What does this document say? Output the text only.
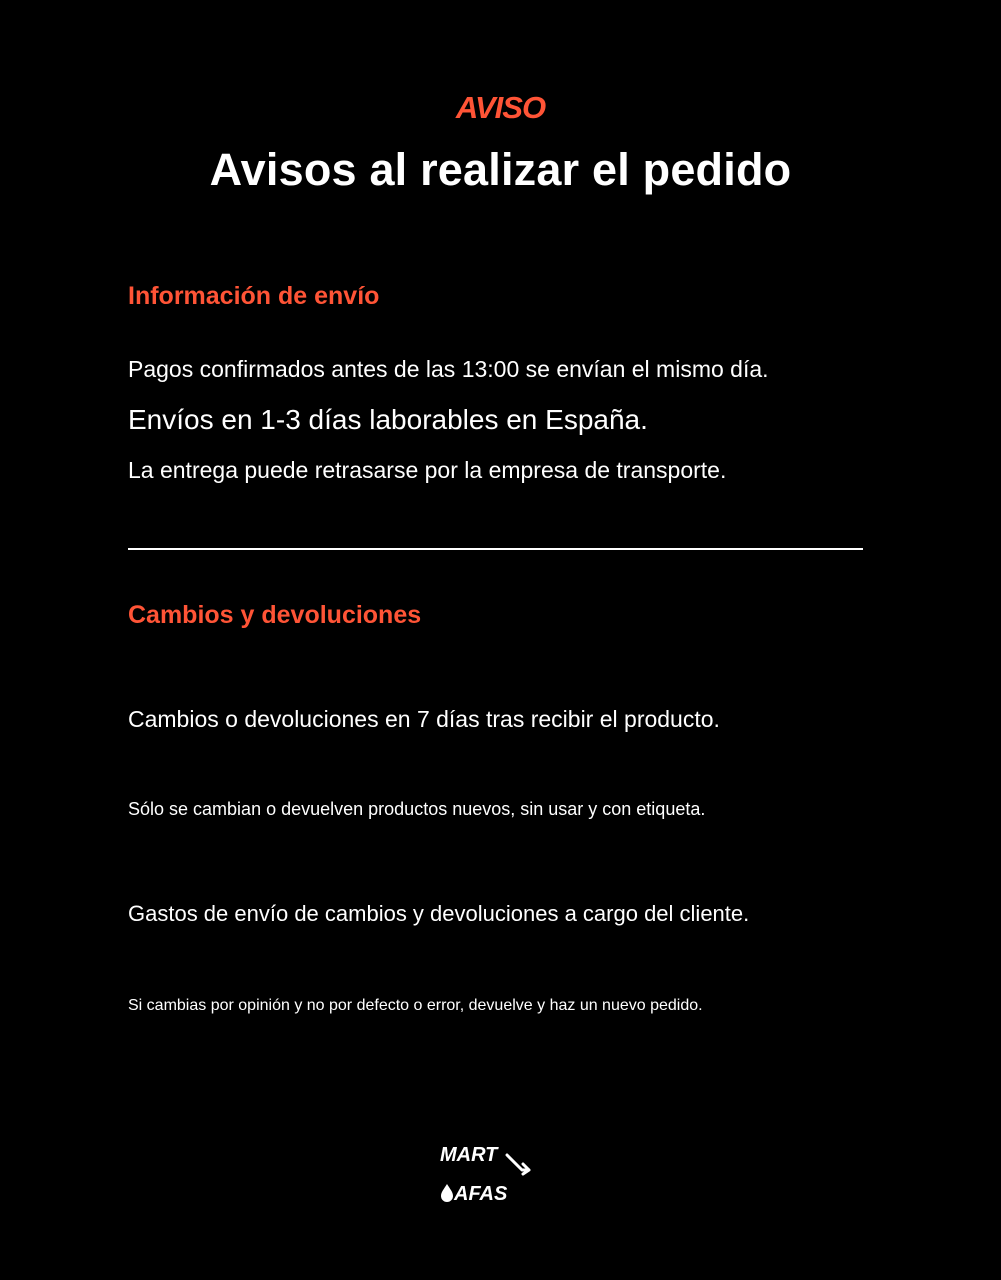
AVISO
Avisos al realizar el pedido
Información de envío
Pagos confirmados antes de las 13:00 se envían el mismo día.
Envíos en 1-3 días laborables en España.
La entrega puede retrasarse por la empresa de transporte.
Cambios y devoluciones
Cambios o devoluciones en 7 días tras recibir el producto.
Sólo se cambian o devuelven productos nuevos, sin usar y con etiqueta.
Gastos de envío de cambios y devoluciones a cargo del cliente.
Si cambias por opinión y no por defecto o error, devuelve y haz un nuevo pedido.
MART
AFAS
